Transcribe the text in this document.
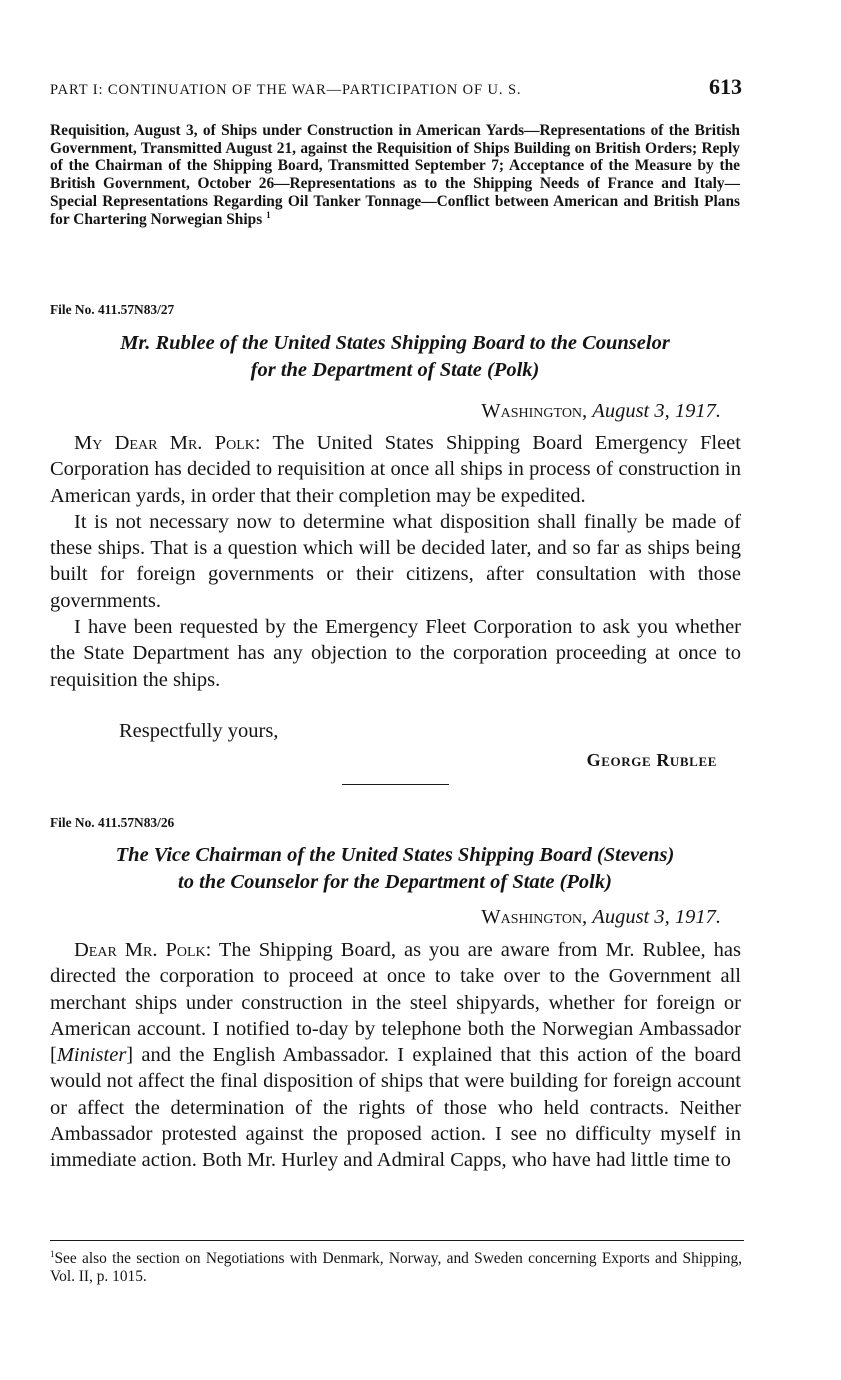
PART I: CONTINUATION OF THE WAR—PARTICIPATION OF U. S.	613

Requisition, August 3, of Ships under Construction in American Yards—Representations of the British Government, Transmitted August 21, against the Requisition of Ships Building on British Orders; Reply of the Chairman of the Shipping Board, Transmitted September 7; Acceptance of the Measure by the British Government, October 26—Representations as to the Shipping Needs of France and Italy—Special Representations Regarding Oil Tanker Tonnage—Conflict between American and British Plans for Chartering Norwegian Ships $^1$

File No. 411.57N83/27

Mr. Rublee of the United States Shipping Board to the Counselor
for the Department of State (Polk)

Washington, August 3, 1917.

My Dear Mr. Polk: The United States Shipping Board Emergency Fleet Corporation has decided to requisition at once all ships in process of construction in American yards, in order that their completion may be expedited.

It is not necessary now to determine what disposition shall finally be made of these ships. That is a question which will be decided later, and so far as ships being built for foreign governments or their citizens, after consultation with those governments.

I have been requested by the Emergency Fleet Corporation to ask you whether the State Department has any objection to the corporation proceeding at once to requisition the ships.

Respectfully yours,

George Rublee

File No. 411.57N83/26

The Vice Chairman of the United States Shipping Board (Stevens)
to the Counselor for the Department of State (Polk)

Washington, August 3, 1917.

Dear Mr. Polk: The Shipping Board, as you are aware from Mr. Rublee, has directed the corporation to proceed at once to take over to the Government all merchant ships under construction in the steel shipyards, whether for foreign or American account. I notified to-day by telephone both the Norwegian Ambassador [Minister] and the English Ambassador. I explained that this action of the board would not affect the final disposition of ships that were building for foreign account or affect the determination of the rights of those who held contracts. Neither Ambassador protested against the proposed action. I see no difficulty myself in immediate action. Both Mr. Hurley and Admiral Capps, who have had little time to

$^1$See also the section on Negotiations with Denmark, Norway, and Sweden concerning Exports and Shipping, Vol. II, p. 1015.
